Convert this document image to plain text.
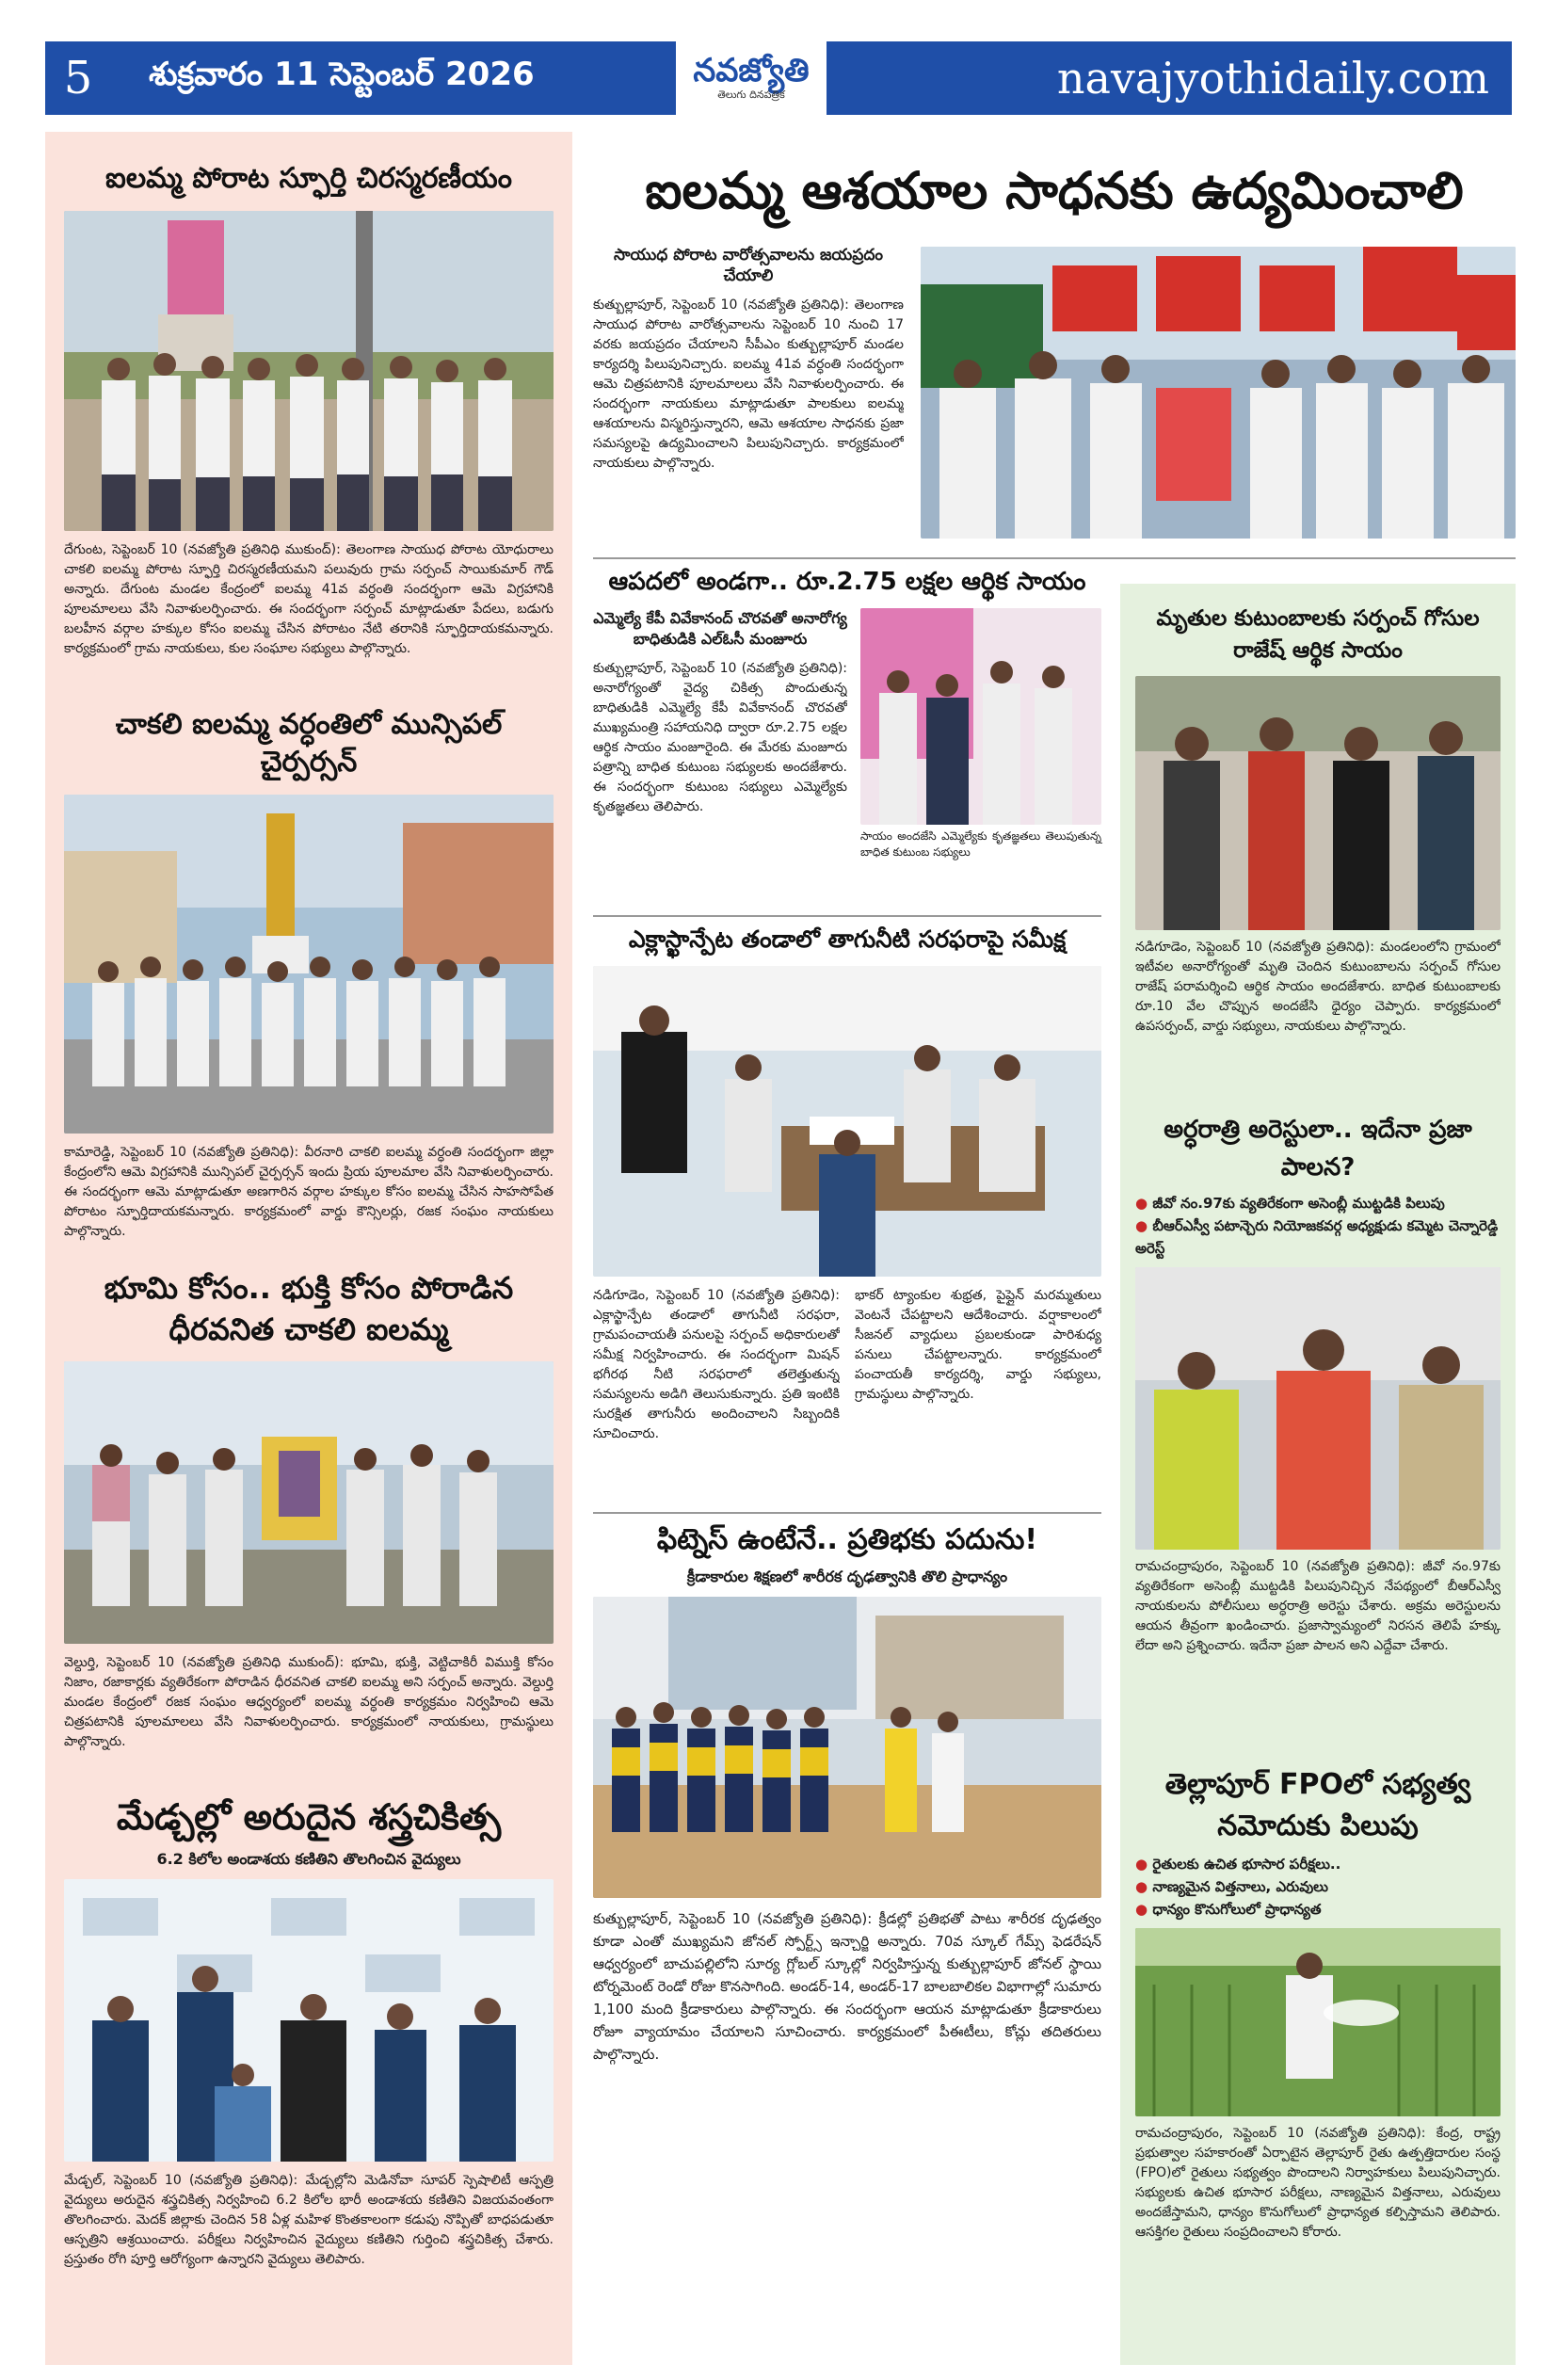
5	శుక్రవారం 11 సెప్టెంబర్ 2026	నవజ్యోతి
తెలుగు దినపత్రిక	navajyothidaily.com
ఐలమ్మ పోరాట స్ఫూర్తి చిరస్మరణీయం
దేగుంట, సెప్టెంబర్ 10 (నవజ్యోతి ప్రతినిధి ముకుంద్): తెలంగాణ సాయుధ పోరాట యోధురాలు చాకలి ఐలమ్మ పోరాట స్ఫూర్తి చిరస్మరణీయమని పలువురు గ్రామ సర్పంచ్ సాయికుమార్ గౌడ్ అన్నారు. దేగుంట మండల కేంద్రంలో ఐలమ్మ 41వ వర్ధంతి సందర్భంగా ఆమె విగ్రహానికి పూలమాలలు వేసి నివాళులర్పించారు. ఈ సందర్భంగా సర్పంచ్ మాట్లాడుతూ పేదలు, బడుగు బలహీన వర్గాల హక్కుల కోసం ఐలమ్మ చేసిన పోరాటం నేటి తరానికి స్ఫూర్తిదాయకమన్నారు. కార్యక్రమంలో గ్రామ నాయకులు, కుల సంఘాల సభ్యులు పాల్గొన్నారు.
చాకలి ఐలమ్మ వర్ధంతిలో మున్సిపల్ చైర్పర్సన్
కామారెడ్డి, సెప్టెంబర్ 10 (నవజ్యోతి ప్రతినిధి): వీరనారి చాకలి ఐలమ్మ వర్ధంతి సందర్భంగా జిల్లా కేంద్రంలోని ఆమె విగ్రహానికి మున్సిపల్ చైర్పర్సన్ ఇందు ప్రియ పూలమాల వేసి నివాళులర్పించారు. ఈ సందర్భంగా ఆమె మాట్లాడుతూ అణగారిన వర్గాల హక్కుల కోసం ఐలమ్మ చేసిన సాహసోపేత పోరాటం స్ఫూర్తిదాయకమన్నారు. కార్యక్రమంలో వార్డు కౌన్సిలర్లు, రజక సంఘం నాయకులు పాల్గొన్నారు.
భూమి కోసం.. భుక్తి కోసం పోరాడిన ధీరవనిత చాకలి ఐలమ్మ
వెల్దుర్తి, సెప్టెంబర్ 10 (నవజ్యోతి ప్రతినిధి ముకుంద్): భూమి, భుక్తి, వెట్టిచాకిరీ విముక్తి కోసం నిజాం, రజాకార్లకు వ్యతిరేకంగా పోరాడిన ధీరవనిత చాకలి ఐలమ్మ అని సర్పంచ్ అన్నారు. వెల్దుర్తి మండల కేంద్రంలో రజక సంఘం ఆధ్వర్యంలో ఐలమ్మ వర్ధంతి కార్యక్రమం నిర్వహించి ఆమె చిత్రపటానికి పూలమాలలు వేసి నివాళులర్పించారు. కార్యక్రమంలో నాయకులు, గ్రామస్థులు పాల్గొన్నారు.
మేడ్చల్లో అరుదైన శస్త్రచికిత్స
6.2 కిలోల అండాశయ కణితిని తొలగించిన వైద్యులు
మేడ్చల్, సెప్టెంబర్ 10 (నవజ్యోతి ప్రతినిధి): మేడ్చల్లోని మెడినోవా సూపర్ స్పెషాలిటీ ఆస్పత్రి వైద్యులు అరుదైన శస్త్రచికిత్స నిర్వహించి 6.2 కిలోల భారీ అండాశయ కణితిని విజయవంతంగా తొలగించారు. మెదక్ జిల్లాకు చెందిన 58 ఏళ్ల మహిళ కొంతకాలంగా కడుపు నొప్పితో బాధపడుతూ ఆస్పత్రిని ఆశ్రయించారు. పరీక్షలు నిర్వహించిన వైద్యులు కణితిని గుర్తించి శస్త్రచికిత్స చేశారు. ప్రస్తుతం రోగి పూర్తి ఆరోగ్యంగా ఉన్నారని వైద్యులు తెలిపారు.
ఐలమ్మ ఆశయాల సాధనకు ఉద్యమించాలి
సాయుధ పోరాట వారోత్సవాలను జయప్రదం చేయాలి
కుత్బుల్లాపూర్, సెప్టెంబర్ 10 (నవజ్యోతి ప్రతినిధి): తెలంగాణ సాయుధ పోరాట వారోత్సవాలను సెప్టెంబర్ 10 నుంచి 17 వరకు జయప్రదం చేయాలని సీపీఎం కుత్బుల్లాపూర్ మండల కార్యదర్శి పిలుపునిచ్చారు. ఐలమ్మ 41వ వర్ధంతి సందర్భంగా ఆమె చిత్రపటానికి పూలమాలలు వేసి నివాళులర్పించారు. ఈ సందర్భంగా నాయకులు మాట్లాడుతూ పాలకులు ఐలమ్మ ఆశయాలను విస్మరిస్తున్నారని, ఆమె ఆశయాల సాధనకు ప్రజా సమస్యలపై ఉద్యమించాలని పిలుపునిచ్చారు. కార్యక్రమంలో నాయకులు పాల్గొన్నారు.
ఆపదలో అండగా.. రూ.2.75 లక్షల ఆర్థిక సాయం
ఎమ్మెల్యే కేపీ వివేకానంద్ చొరవతో అనారోగ్య బాధితుడికి ఎల్ఓసీ మంజూరు
కుత్బుల్లాపూర్, సెప్టెంబర్ 10 (నవజ్యోతి ప్రతినిధి): అనారోగ్యంతో వైద్య చికిత్స పొందుతున్న బాధితుడికి ఎమ్మెల్యే కేపీ వివేకానంద్ చొరవతో ముఖ్యమంత్రి సహాయనిధి ద్వారా రూ.2.75 లక్షల ఆర్థిక సాయం మంజూరైంది. ఈ మేరకు మంజూరు పత్రాన్ని బాధిత కుటుంబ సభ్యులకు అందజేశారు. ఈ సందర్భంగా కుటుంబ సభ్యులు ఎమ్మెల్యేకు కృతజ్ఞతలు తెలిపారు.
సాయం అందజేసి ఎమ్మెల్యేకు కృతజ్ఞతలు తెలుపుతున్న బాధిత కుటుంబ సభ్యులు
ఎక్లాస్ఖాన్పేట తండాలో తాగునీటి సరఫరాపై సమీక్ష
నడిగూడెం, సెప్టెంబర్ 10 (నవజ్యోతి ప్రతినిధి): ఎక్లాస్ఖాన్పేట తండాలో తాగునీటి సరఫరా, గ్రామపంచాయతీ పనులపై సర్పంచ్ అధికారులతో సమీక్ష నిర్వహించారు. ఈ సందర్భంగా మిషన్ భగీరథ నీటి సరఫరాలో తలెత్తుతున్న సమస్యలను అడిగి తెలుసుకున్నారు. ప్రతి ఇంటికి సురక్షిత తాగునీరు అందించాలని సిబ్బందికి సూచించారు.
భాకర్ ట్యాంకుల శుభ్రత, పైప్లైన్ మరమ్మతులు వెంటనే చేపట్టాలని ఆదేశించారు. వర్షాకాలంలో సీజనల్ వ్యాధులు ప్రబలకుండా పారిశుధ్య పనులు చేపట్టాలన్నారు. కార్యక్రమంలో పంచాయతీ కార్యదర్శి, వార్డు సభ్యులు, గ్రామస్థులు పాల్గొన్నారు.
ఫిట్నెస్ ఉంటేనే.. ప్రతిభకు పదును!
క్రీడాకారుల శిక్షణలో శారీరక దృఢత్వానికి తొలి ప్రాధాన్యం
కుత్బుల్లాపూర్, సెప్టెంబర్ 10 (నవజ్యోతి ప్రతినిధి): క్రీడల్లో ప్రతిభతో పాటు శారీరక దృఢత్వం కూడా ఎంతో ముఖ్యమని జోనల్ స్పోర్ట్స్ ఇన్చార్జి అన్నారు. 70వ స్కూల్ గేమ్స్ ఫెడరేషన్ ఆధ్వర్యంలో బాచుపల్లిలోని సూర్య గ్లోబల్ స్కూల్లో నిర్వహిస్తున్న కుత్బుల్లాపూర్ జోనల్ స్థాయి టోర్నమెంట్ రెండో రోజు కొనసాగింది. అండర్-14, అండర్-17 బాలబాలికల విభాగాల్లో సుమారు 1,100 మంది క్రీడాకారులు పాల్గొన్నారు. ఈ సందర్భంగా ఆయన మాట్లాడుతూ క్రీడాకారులు రోజూ వ్యాయామం చేయాలని సూచించారు. కార్యక్రమంలో పీఈటీలు, కోచ్లు తదితరులు పాల్గొన్నారు.
మృతుల కుటుంబాలకు సర్పంచ్ గోసుల రాజేష్ ఆర్థిక సాయం
నడిగూడెం, సెప్టెంబర్ 10 (నవజ్యోతి ప్రతినిధి): మండలంలోని గ్రామంలో ఇటీవల అనారోగ్యంతో మృతి చెందిన కుటుంబాలను సర్పంచ్ గోసుల రాజేష్ పరామర్శించి ఆర్థిక సాయం అందజేశారు. బాధిత కుటుంబాలకు రూ.10 వేల చొప్పున అందజేసి ధైర్యం చెప్పారు. కార్యక్రమంలో ఉపసర్పంచ్, వార్డు సభ్యులు, నాయకులు పాల్గొన్నారు.
అర్ధరాత్రి అరెస్టులా.. ఇదేనా ప్రజా పాలన?
● జీవో నం.97కు వ్యతిరేకంగా అసెంబ్లీ ముట్టడికి పిలుపు
● బీఆర్ఎస్వీ పటాన్చెరు నియోజకవర్గ అధ్యక్షుడు కమ్మెట చెన్నారెడ్డి అరెస్ట్
రామచంద్రాపురం, సెప్టెంబర్ 10 (నవజ్యోతి ప్రతినిధి): జీవో నం.97కు వ్యతిరేకంగా అసెంబ్లీ ముట్టడికి పిలుపునిచ్చిన నేపథ్యంలో బీఆర్ఎస్వీ నాయకులను పోలీసులు అర్ధరాత్రి అరెస్టు చేశారు. అక్రమ అరెస్టులను ఆయన తీవ్రంగా ఖండించారు. ప్రజాస్వామ్యంలో నిరసన తెలిపే హక్కు లేదా అని ప్రశ్నించారు. ఇదేనా ప్రజా పాలన అని ఎద్దేవా చేశారు.
తెల్లాపూర్ FPOలో సభ్యత్వ నమోదుకు పిలుపు
● రైతులకు ఉచిత భూసార పరీక్షలు..
● నాణ్యమైన విత్తనాలు, ఎరువులు
● ధాన్యం కొనుగోలులో ప్రాధాన్యత
రామచంద్రాపురం, సెప్టెంబర్ 10 (నవజ్యోతి ప్రతినిధి): కేంద్ర, రాష్ట్ర ప్రభుత్వాల సహకారంతో ఏర్పాటైన తెల్లాపూర్ రైతు ఉత్పత్తిదారుల సంస్థ (FPO)లో రైతులు సభ్యత్వం పొందాలని నిర్వాహకులు పిలుపునిచ్చారు. సభ్యులకు ఉచిత భూసార పరీక్షలు, నాణ్యమైన విత్తనాలు, ఎరువులు అందజేస్తామని, ధాన్యం కొనుగోలులో ప్రాధాన్యత కల్పిస్తామని తెలిపారు. ఆసక్తిగల రైతులు సంప్రదించాలని కోరారు.
